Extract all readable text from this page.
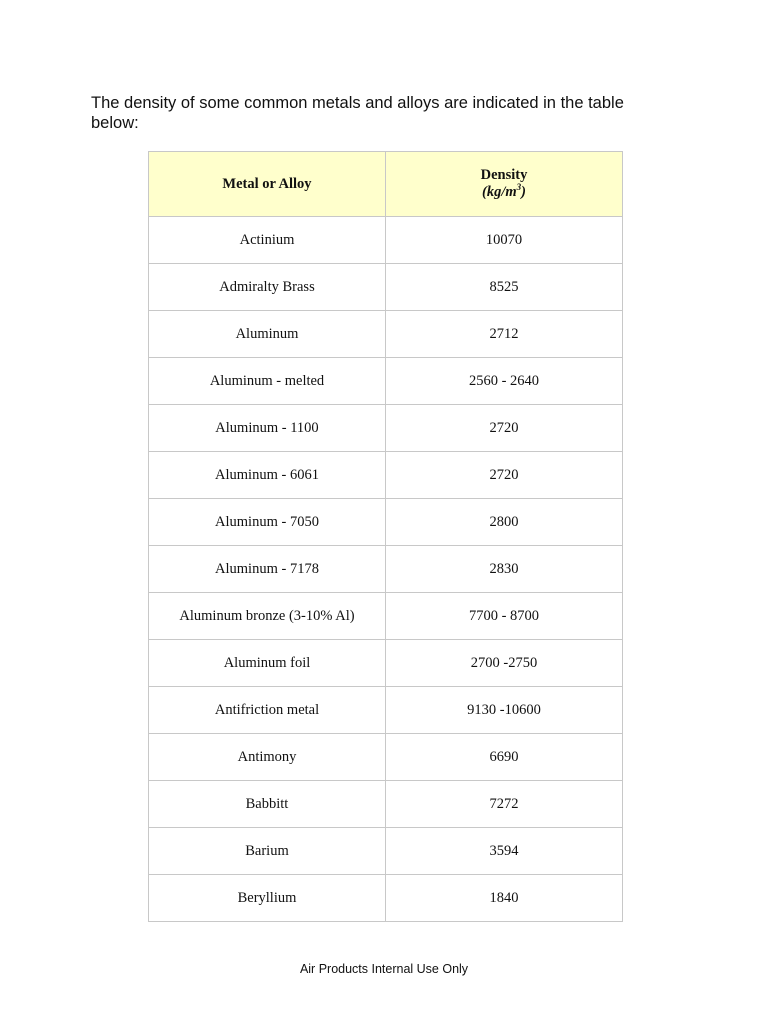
The density of some common metals and alloys are indicated in the table below:

Metal or Alloy	Density
$(kg/m^3)$

Actinium	10070
Admiralty Brass	8525
Aluminum	2712
Aluminum - melted	2560 - 2640
Aluminum - 1100	2720
Aluminum - 6061	2720
Aluminum - 7050	2800
Aluminum - 7178	2830
Aluminum bronze (3-10% Al)	7700 - 8700
Aluminum foil	2700 -2750
Antifriction metal	9130 -10600
Antimony	6690
Babbitt	7272
Barium	3594
Beryllium	1840

Air Products Internal Use Only
